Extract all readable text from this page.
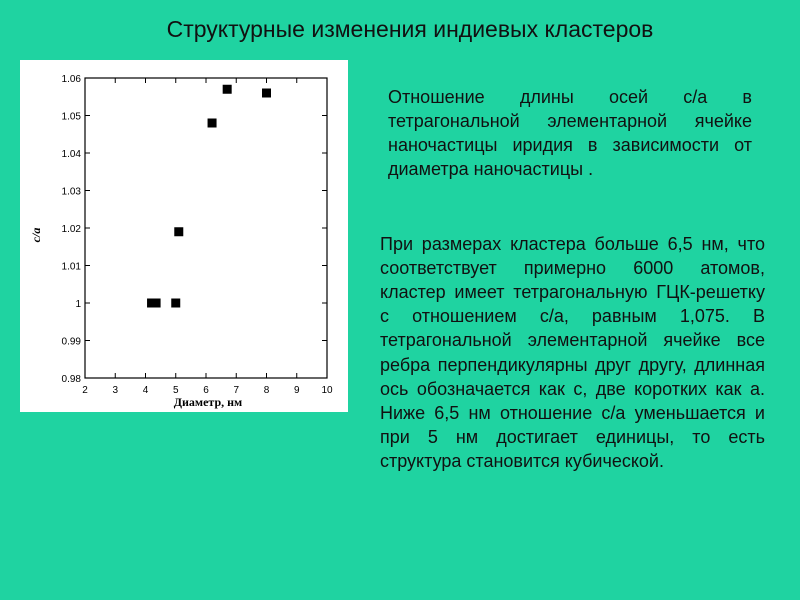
Структурные изменения индиевых кластеров
0.98
0.99
1
1.01
1.02
1.03
1.04
1.05
1.06
2 3 4 5 6 7 8 9 10
c/a
Диаметр, нм

Отношение длины осей с/а в тетрагональной элементарной ячейке наночастицы иридия в зависимости от диаметра наночастицы .

При размерах кластера больше 6,5 нм, что соответствует примерно 6000 атомов, кластер имеет тетрагональную ГЦК-решетку с отношением с/а, равным 1,075. В тетрагональной элементарной ячейке все ребра перпендикулярны друг другу, длинная ось обозначается как с, две коротких как а. Ниже 6,5 нм отношение с/а уменьшается и при 5 нм достигает единицы, то есть структура становится кубической.
